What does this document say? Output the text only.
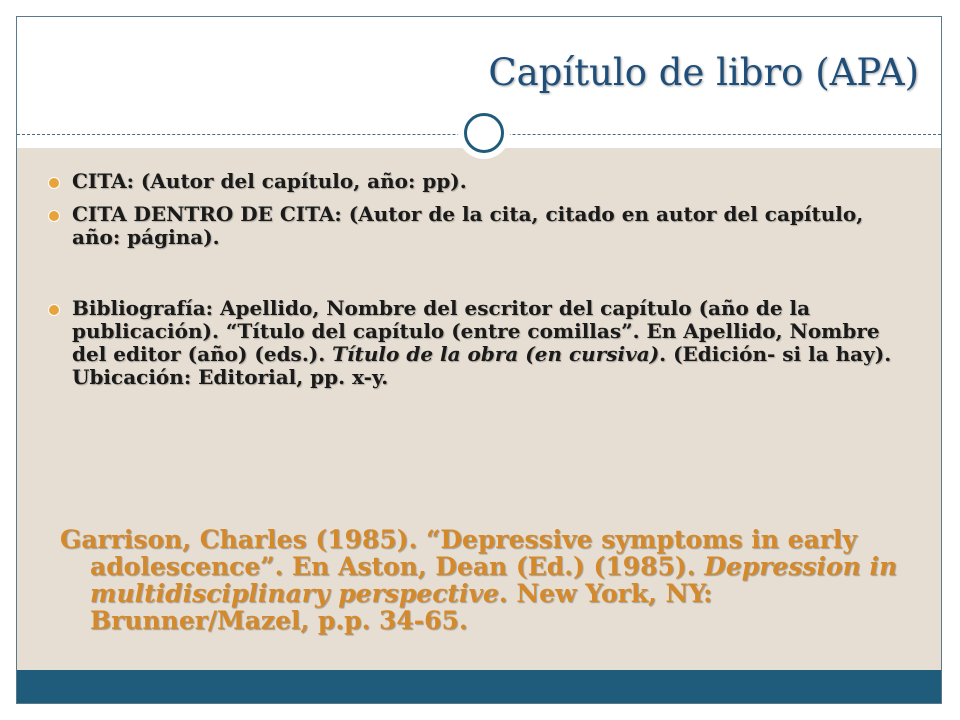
Capítulo de libro (APA)
CITA: (Autor del capítulo, año: pp).
CITA DENTRO DE CITA: (Autor de la cita, citado en autor del capítulo, año: página).
Bibliografía: Apellido, Nombre del escritor del capítulo (año de la publicación). “Título del capítulo (entre comillas”. En Apellido, Nombre del editor (año) (eds.). Título de la obra (en cursiva). (Edición- si la hay). Ubicación: Editorial, pp. x-y.

Garrison, Charles (1985). “Depressive symptoms in early adolescence”. En Aston, Dean (Ed.) (1985). Depression in multidisciplinary perspective. New York, NY: Brunner/Mazel, p.p. 34-65.
